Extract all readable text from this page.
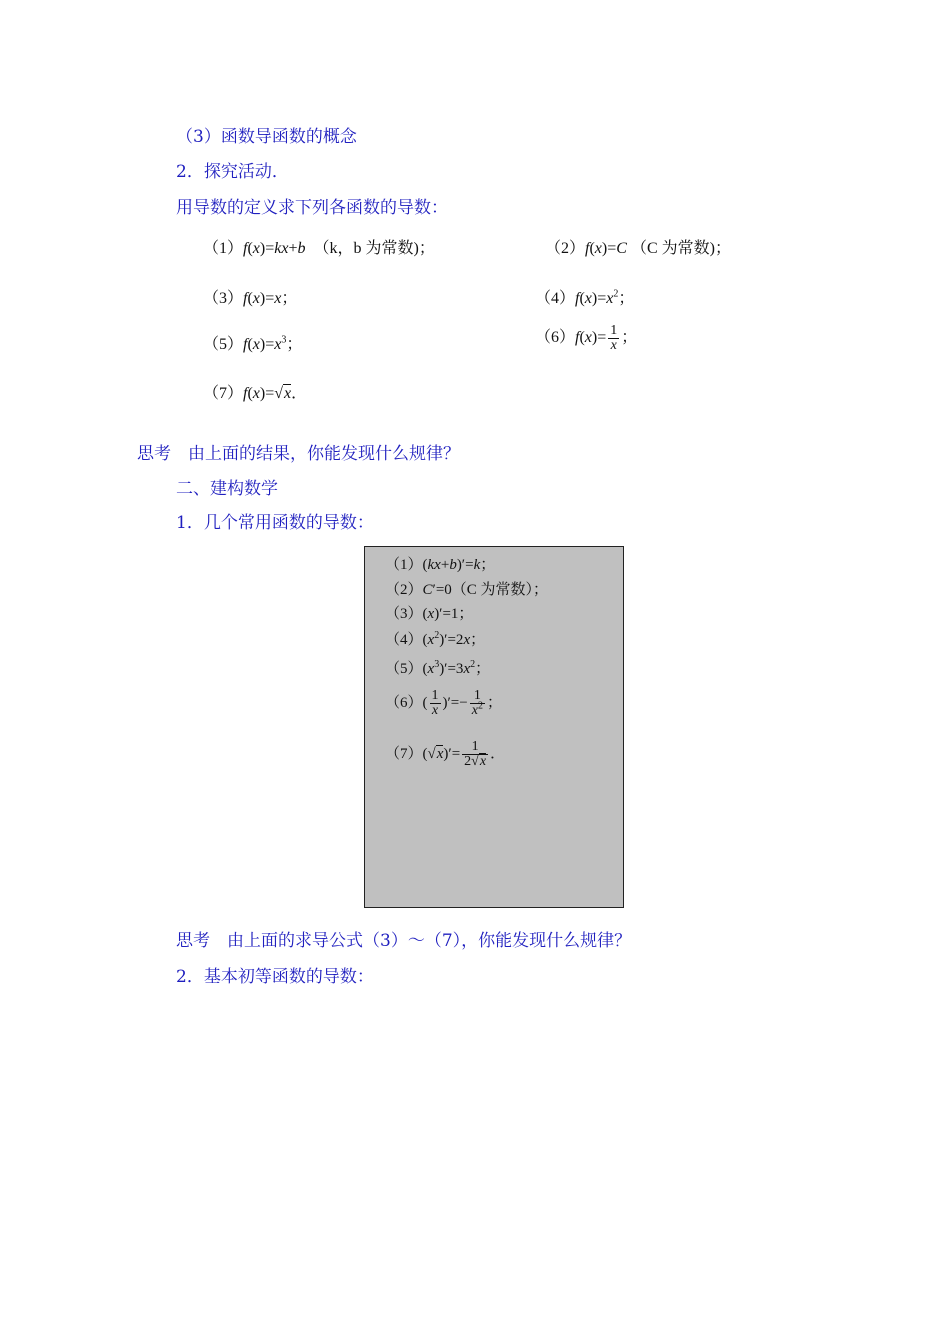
（3）函数导函数的概念
2．探究活动．
用导数的定义求下列各函数的导数：
（1）f(x)=kx+b （k，b 为常数)；	（2）f(x)=C （C 为常数)；
（3）f(x)=x；	$(4)f(x)=x^2$；
$(5)f(x)=x^3$；	$(6)f(x)= \frac{1}{x}$ ；
（7）f(x)=√x．
思考　由上面的结果，你能发现什么规律？
二、建构数学
1．几个常用函数的导数：
（1）(kx+b)′=k；
（2）C′=0（C 为常数）；
（3）(x)′=1；
$(4)(x^2)'=2x$；
$(5)(x^3)'=3x^2$；
$(6)( \frac{1}{x}$ )′=− $\frac{1}{x^2}$ ；
$(7)(√x)'= \frac{1}{2√x}$ ．
思考　由上面的求导公式（3）～（7），你能发现什么规律？
2．基本初等函数的导数：
